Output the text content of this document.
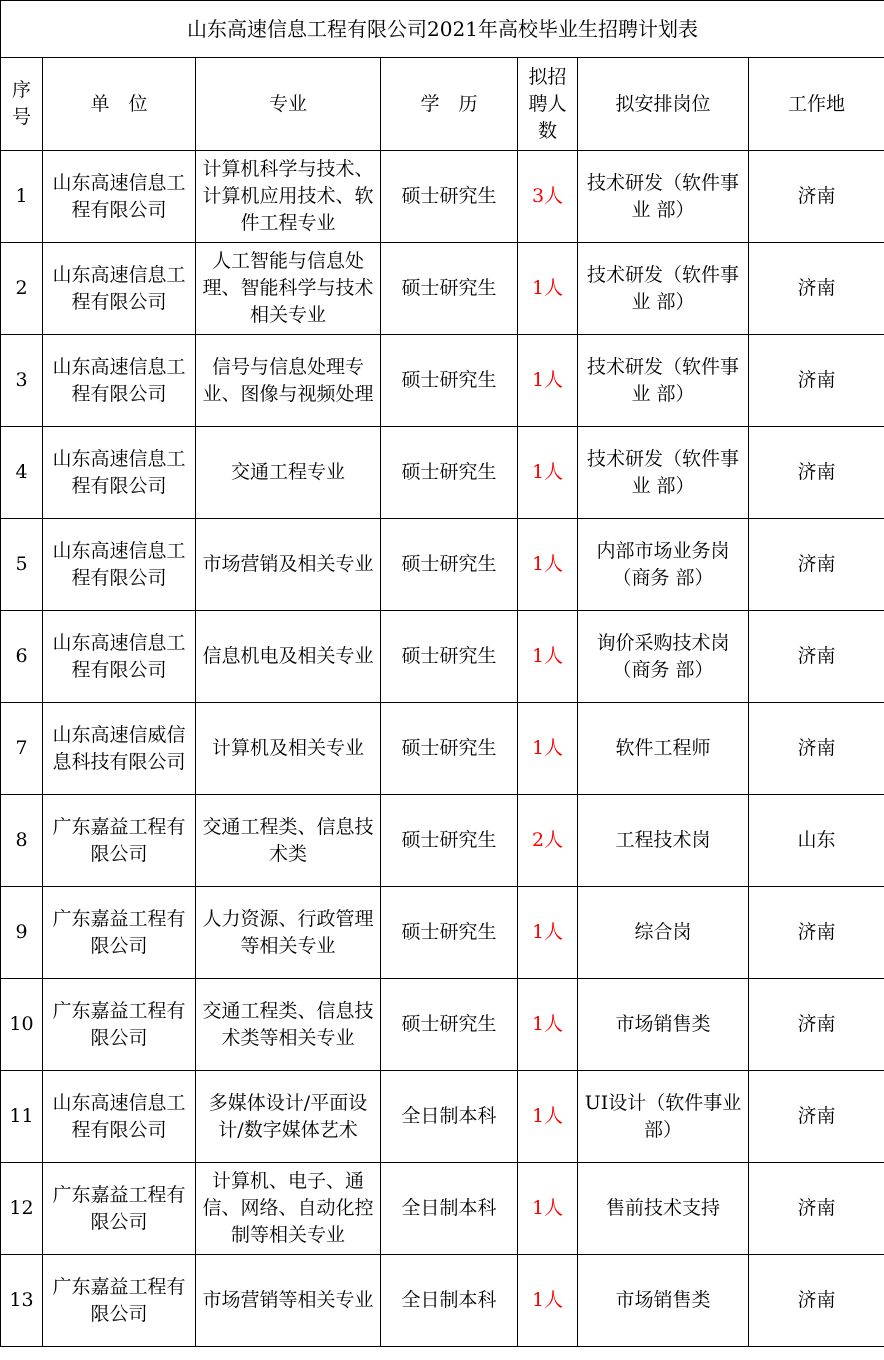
山东高速信息工程有限公司2021年高校毕业生招聘计划表						
序号	单　位	专业	学　历	拟招聘人数	拟安排岗位	工作地
1	山东高速信息工程有限公司	计算机科学与技术、计算机应用技术、软件工程专业	硕士研究生	3人	技术研发（软件事业 部）	济南
2	山东高速信息工程有限公司	人工智能与信息处理、智能科学与技术相关专业	硕士研究生	1人	技术研发（软件事业 部）	济南
3	山东高速信息工程有限公司	信号与信息处理专业、图像与视频处理	硕士研究生	1人	技术研发（软件事业 部）	济南
4	山东高速信息工程有限公司	交通工程专业	硕士研究生	1人	技术研发（软件事业 部）	济南
5	山东高速信息工程有限公司	市场营销及相关专业	硕士研究生	1人	内部市场业务岗（商务 部）	济南
6	山东高速信息工程有限公司	信息机电及相关专业	硕士研究生	1人	询价采购技术岗（商务 部）	济南
7	山东高速信威信息科技有限公司	计算机及相关专业	硕士研究生	1人	软件工程师	济南
8	广东嘉益工程有限公司	交通工程类、信息技术类	硕士研究生	2人	工程技术岗	山东
9	广东嘉益工程有限公司	人力资源、行政管理等相关专业	硕士研究生	1人	综合岗	济南
10	广东嘉益工程有限公司	交通工程类、信息技术类等相关专业	硕士研究生	1人	市场销售类	济南
11	山东高速信息工程有限公司	多媒体设计/平面设计/数字媒体艺术	全日制本科	1人	UI设计（软件事业部）	济南
12	广东嘉益工程有限公司	计算机、电子、通信、网络、自动化控制等相关专业	全日制本科	1人	售前技术支持	济南
13	广东嘉益工程有限公司	市场营销等相关专业	全日制本科	1人	市场销售类	济南
